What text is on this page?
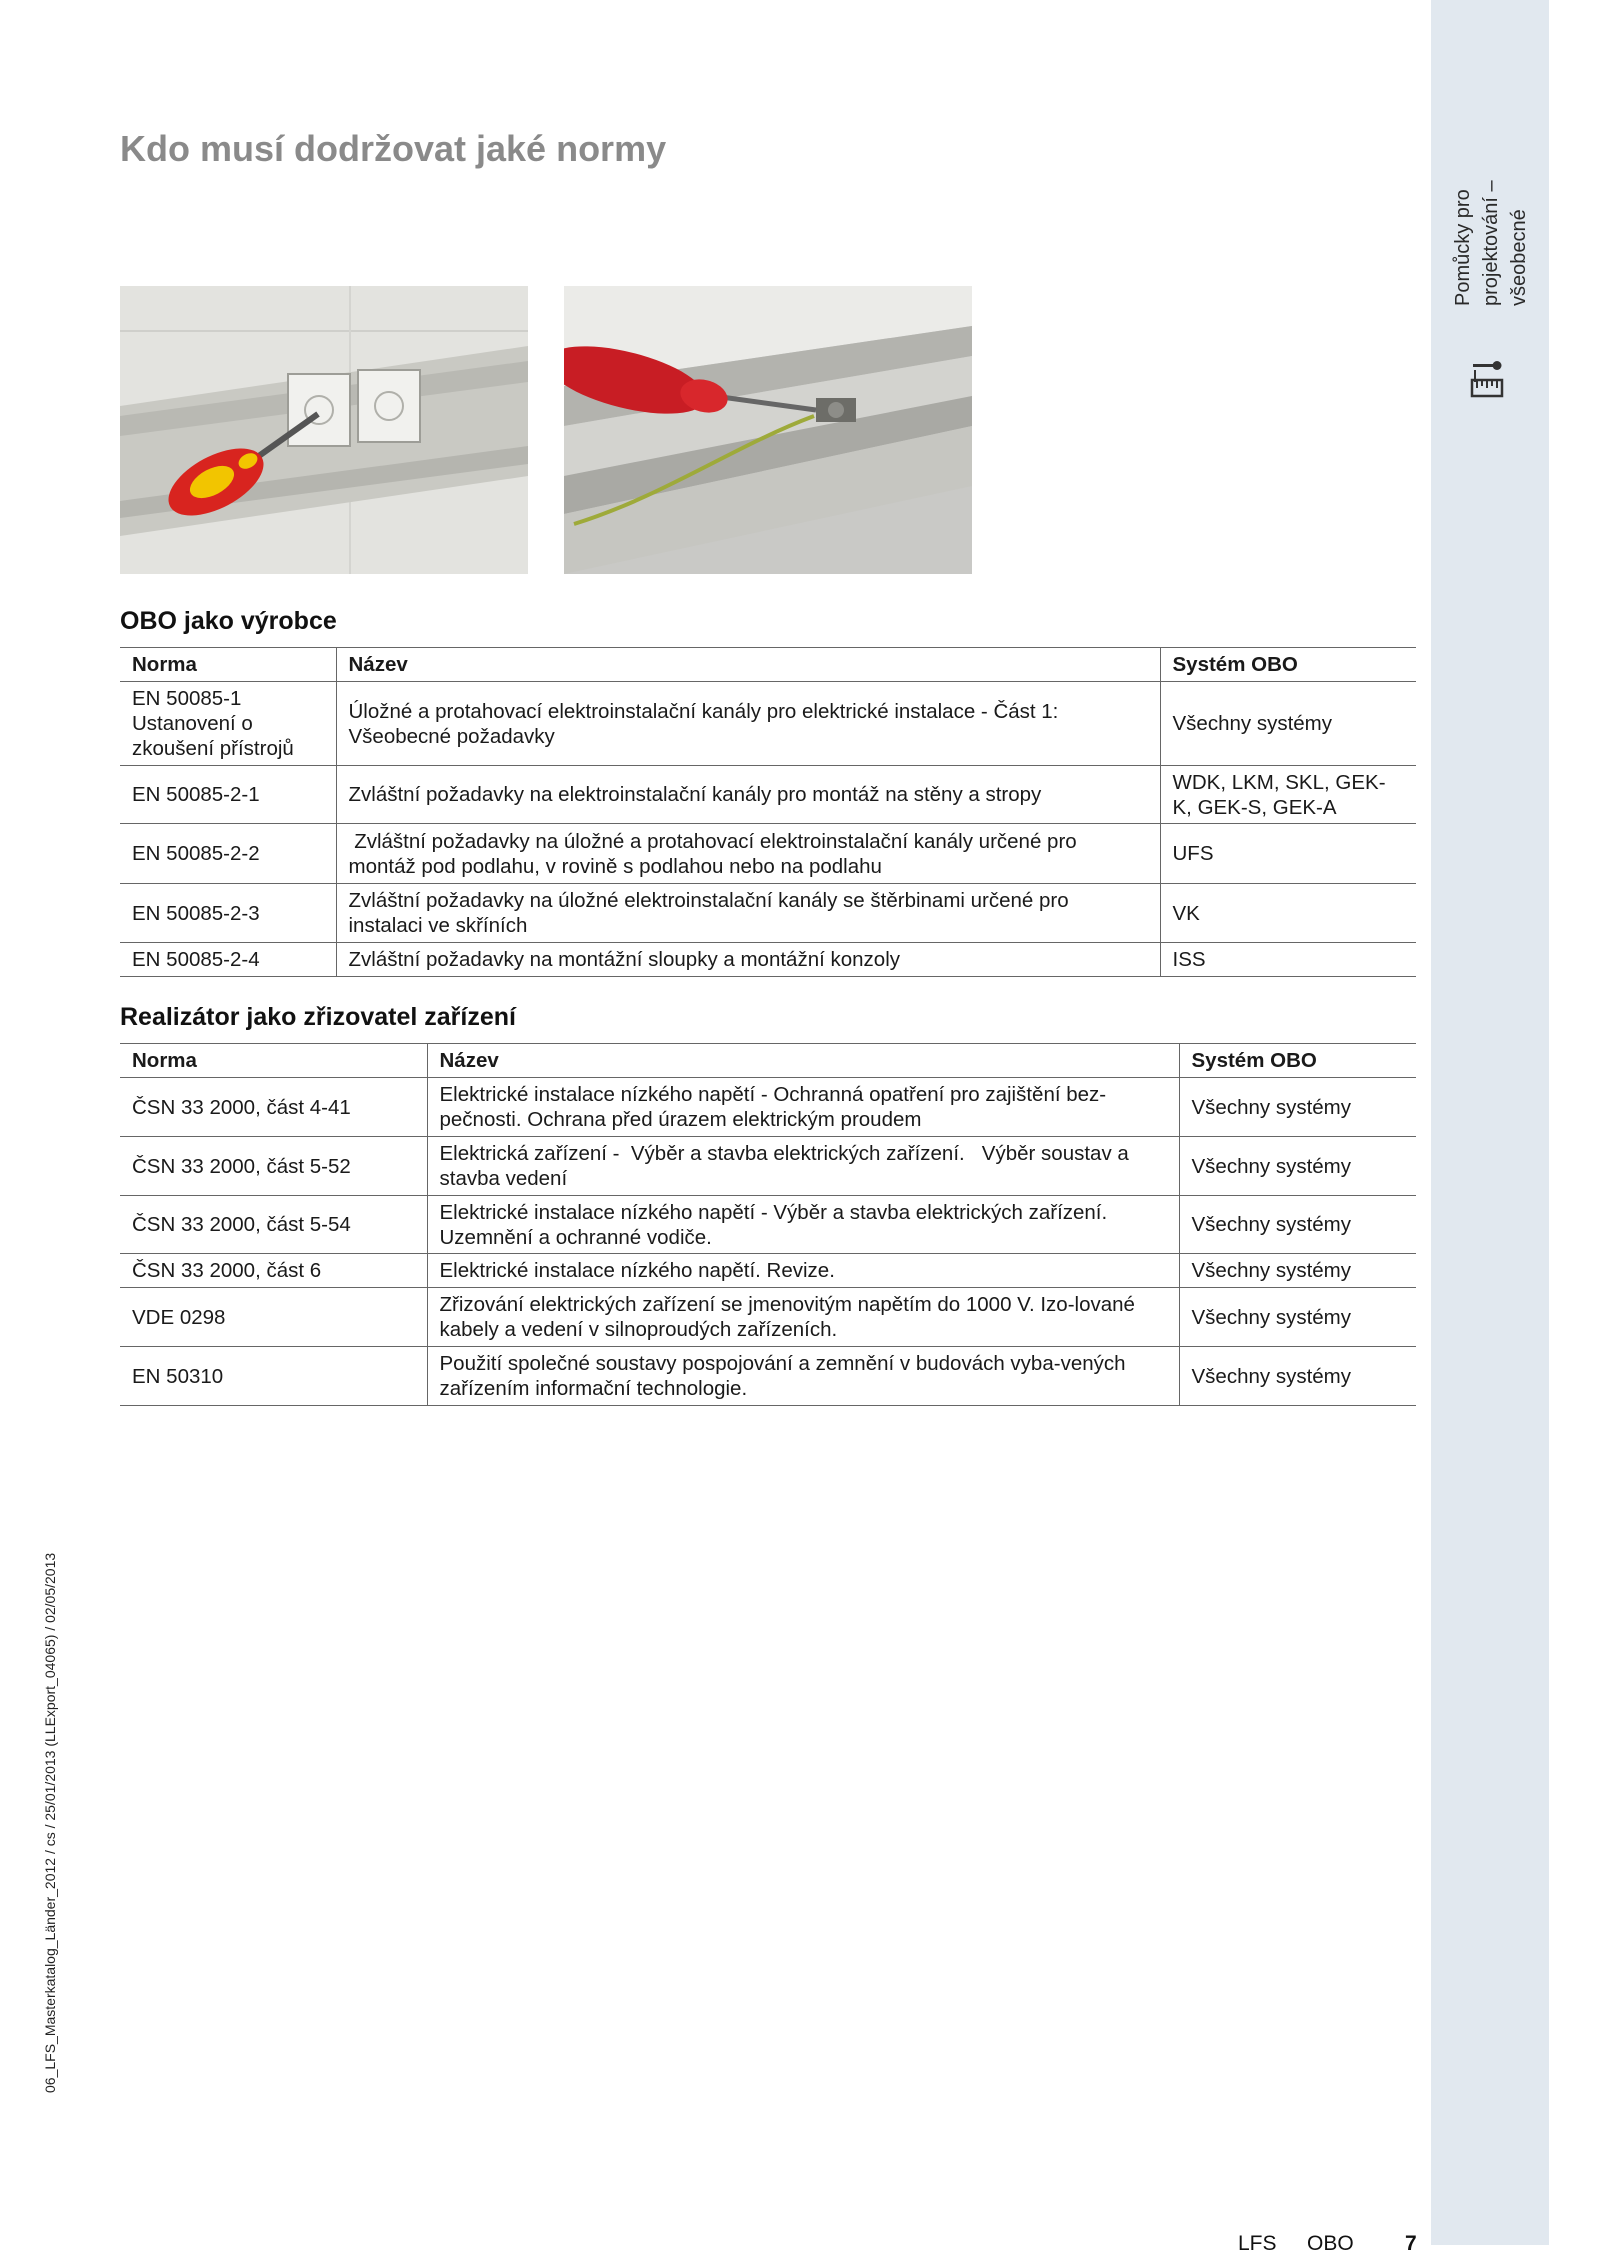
Pomůcky pro projektování – všeobecné
Kdo musí dodržovat jaké normy
OBO jako výrobce
Norma	Název	Systém OBO
EN 50085-1 Ustanovení o zkoušení přístrojů	Úložné a protahovací elektroinstalační kanály pro elektrické instalace - Část 1: Všeobecné požadavky	Všechny systémy
EN 50085-2-1	Zvláštní požadavky na elektroinstalační kanály pro montáž na stěny a stropy	WDK, LKM, SKL, GEK-K, GEK-S, GEK-A
EN 50085-2-2	Zvláštní požadavky na úložné a protahovací elektroinstalační kanály určené pro montáž pod podlahu, v rovině s podlahou nebo na podlahu	UFS
EN 50085-2-3	Zvláštní požadavky na úložné elektroinstalační kanály se štěrbinami určené pro instalaci ve skříních	VK
EN 50085-2-4	Zvláštní požadavky na montážní sloupky a montážní konzoly	ISS
Realizátor jako zřizovatel zařízení
Norma	Název	Systém OBO
ČSN 33 2000, část 4-41	Elektrické instalace nízkého napětí - Ochranná opatření pro zajištění bez-pečnosti. Ochrana před úrazem elektrickým proudem	Všechny systémy
ČSN 33 2000, část 5-52	Elektrická zařízení -  Výběr a stavba elektrických zařízení.   Výběr soustav a stavba vedení	Všechny systémy
ČSN 33 2000, část 5-54	Elektrické instalace nízkého napětí - Výběr a stavba elektrických zařízení. Uzemnění a ochranné vodiče.	Všechny systémy
ČSN 33 2000, část 6	Elektrické instalace nízkého napětí. Revize.	Všechny systémy
VDE 0298	Zřizování elektrických zařízení se jmenovitým napětím do 1000 V. Izo-lované kabely a vedení v silnoproudých zařízeních.	Všechny systémy
EN 50310	Použití společné soustavy pospojování a zemnění v budovách vyba-vených zařízením informační technologie.	Všechny systémy
06_LFS_Masterkatalog_Länder_2012 / cs / 25/01/2013 (LLExport_04065) / 02/05/2013
LFS OBO 7
